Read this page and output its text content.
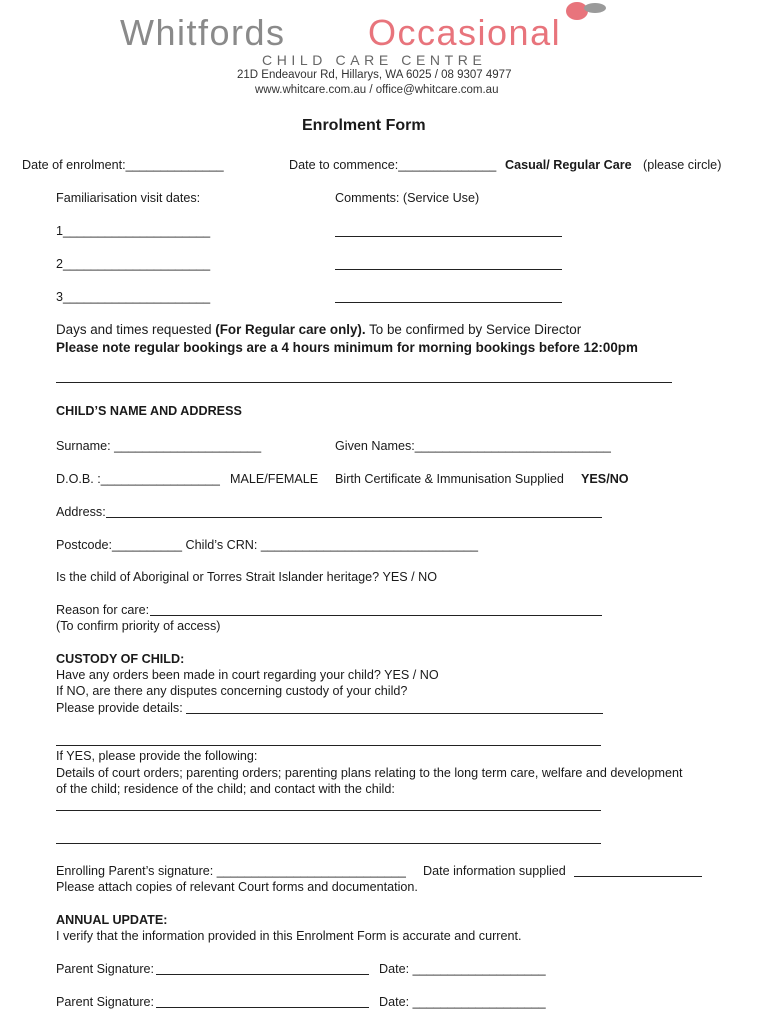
Whitfords Occasional
CHILD CARE CENTRE
21D Endeavour Rd, Hillarys, WA 6025 / 08 9307 4977
www.whitcare.com.au / office@whitcare.com.au
Enrolment Form
Date of enrolment:______________	Date to commence:______________ Casual/ Regular Care (please circle)
Familiarisation visit dates:	Comments: (Service Use)
1_____________________
2_____________________
3_____________________
Days and times requested (For Regular care only). To be confirmed by Service Director
Please note regular bookings are a 4 hours minimum for morning bookings before 12:00pm
CHILD’S NAME AND ADDRESS
Surname: _____________________	Given Names:____________________________
D.O.B. :_________________ MALE/FEMALE Birth Certificate & Immunisation Supplied YES/NO
Address:
Postcode:__________ Child’s CRN: _______________________________
Is the child of Aboriginal or Torres Strait Islander heritage? YES / NO
Reason for care:
(To confirm priority of access)
CUSTODY OF CHILD:
Have any orders been made in court regarding your child? YES / NO
If NO, are there any disputes concerning custody of your child?
Please provide details:
If YES, please provide the following:
Details of court orders; parenting orders; parenting plans relating to the long term care, welfare and development
of the child; residence of the child; and contact with the child:
Enrolling Parent’s signature: ___________________________ Date information supplied
Please attach copies of relevant Court forms and documentation.
ANNUAL UPDATE:
I verify that the information provided in this Enrolment Form is accurate and current.
Parent Signature:	Date: ___________________
Parent Signature:	Date: ___________________
